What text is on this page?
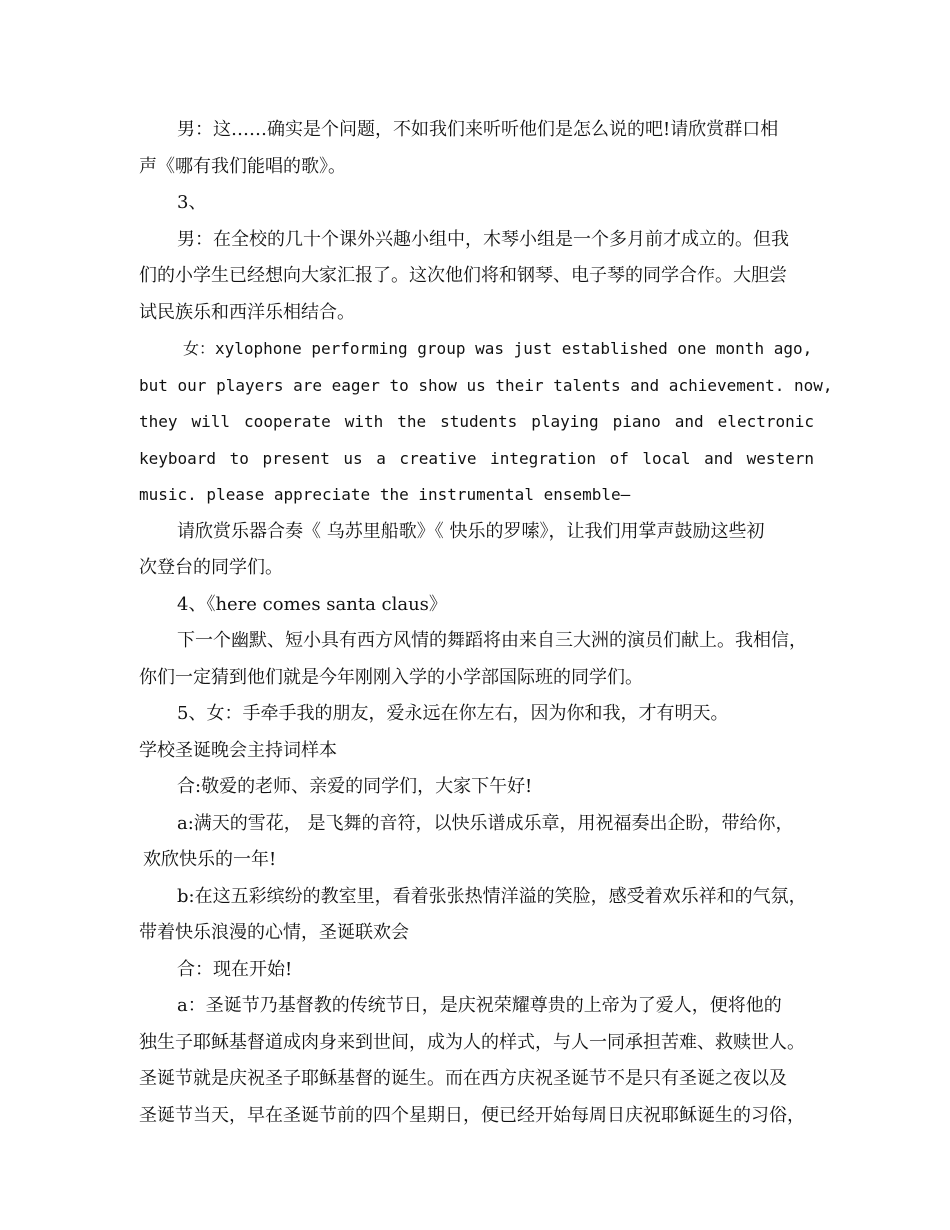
男：这……确实是个问题，不如我们来听听他们是怎么说的吧!请欣赏群口相
声《哪有我们能唱的歌》。
3、
男：在全校的几十个课外兴趣小组中，木琴小组是一个多月前才成立的。但我
们的小学生已经想向大家汇报了。这次他们将和钢琴、电子琴的同学合作。大胆尝
试民族乐和西洋乐相结合。
女：xylophone performing group was just established one month ago,
but our players are eager to show us their talents and achievement. now,
they will cooperate with the students playing piano and electronic
keyboard to present us a creative integration of local and western
music. please appreciate the instrumental ensemble—
请欣赏乐器合奏《 乌苏里船歌》《 快乐的罗嗦》，让我们用掌声鼓励这些初
次登台的同学们。
4、《here comes santa claus》
下一个幽默、短小具有西方风情的舞蹈将由来自三大洲的演员们献上。我相信，
你们一定猜到他们就是今年刚刚入学的小学部国际班的同学们。
5、女：手牵手我的朋友，爱永远在你左右，因为你和我，才有明天。
学校圣诞晚会主持词样本
合:敬爱的老师、亲爱的同学们，大家下午好!
a:满天的雪花， 是飞舞的音符，以快乐谱成乐章，用祝福奏出企盼，带给你，
欢欣快乐的一年!
b:在这五彩缤纷的教室里，看着张张热情洋溢的笑脸，感受着欢乐祥和的气氛，
带着快乐浪漫的心情，圣诞联欢会
合：现在开始!
a：圣诞节乃基督教的传统节日，是庆祝荣耀尊贵的上帝为了爱人，便将他的
独生子耶稣基督道成肉身来到世间，成为人的样式，与人一同承担苦难、救赎世人。
圣诞节就是庆祝圣子耶稣基督的诞生。而在西方庆祝圣诞节不是只有圣诞之夜以及
圣诞节当天，早在圣诞节前的四个星期日，便已经开始每周日庆祝耶稣诞生的习俗，
